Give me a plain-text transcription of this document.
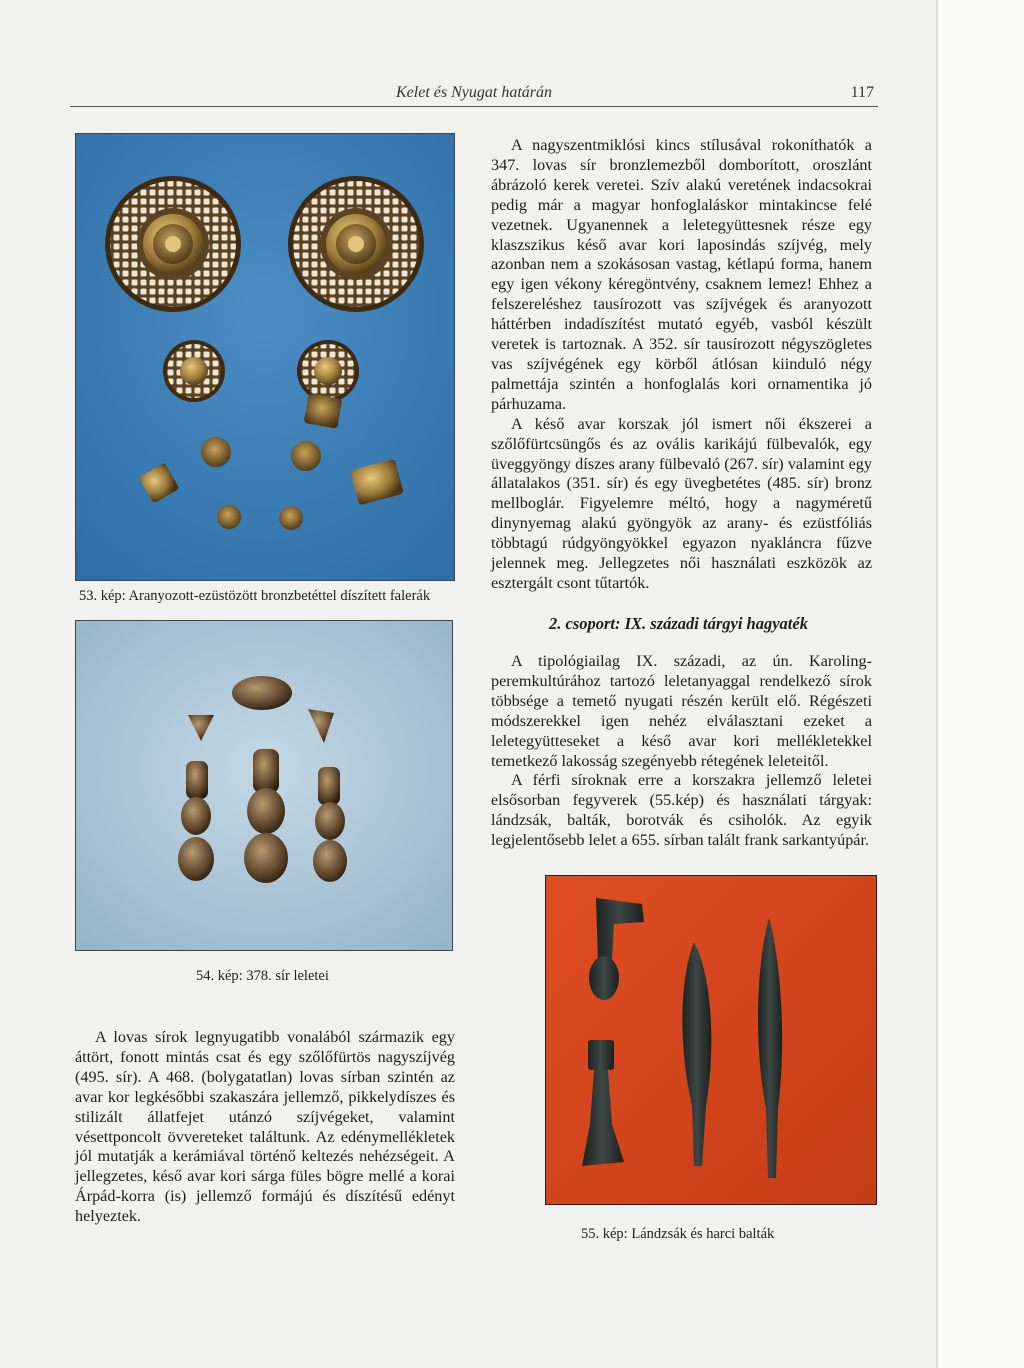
Kelet és Nyugat határán	117
53. kép: Aranyozott-ezüstözött bronzbetéttel díszített falerák
54. kép: 378. sír leletei
55. kép: Lándzsák és harci balták

A nagyszentmiklósi kincs stílusával rokoníthatók a 347. lovas sír bronzlemezből domborított, oroszlánt ábrázoló kerek veretei. Szív alakú veretének indacsokrai pedig már a magyar honfoglaláskor mintakincse felé vezetnek. Ugyanennek a leletegyüttesnek része egy klaszszikus késő avar kori laposindás szíjvég, mely azonban nem a szokásosan vastag, kétlapú forma, hanem egy igen vékony kéregöntvény, csaknem lemez! Ehhez a felszereléshez tausírozott vas szíjvégek és aranyozott háttérben indadíszítést mutató egyéb, vasból készült veretek is tartoznak. A 352. sír tausírozott négyszögletes vas szíjvégének egy körből átlósan kiinduló négy palmettája szintén a honfoglalás kori ornamentika jó párhuzama.

A késő avar korszak jól ismert női ékszerei a szőlőfürtcsüngős és az ovális karikájú fülbevalók, egy üveggyöngy díszes arany fülbevaló (267. sír) valamint egy állatalakos (351. sír) és egy üvegbetétes (485. sír) bronz mellboglár. Figyelemre méltó, hogy a nagyméretű dinynyemag alakú gyöngyök az arany- és ezüstfóliás többtagú rúdgyöngyökkel egyazon nyakláncra fűzve jelennek meg. Jellegzetes női használati eszközök az esztergált csont tűtartók.

2. csoport: IX. századi tárgyi hagyaték

A tipológiailag IX. századi, az ún. Karoling-peremkultúrához tartozó leletanyaggal rendelkező sírok többsége a temető nyugati részén került elő. Régészeti módszerekkel igen nehéz elválasztani ezeket a leletegyütteseket a késő avar kori mellékletekkel temetkező lakosság szegényebb rétegének leleteitől.

A férfi síroknak erre a korszakra jellemző leletei elsősorban fegyverek (55.kép) és használati tárgyak: lándzsák, balták, borotvák és csiholók. Az egyik legjelentősebb lelet a 655. sírban talált frank sarkantyúpár.

A lovas sírok legnyugatibb vonalából származik egy áttört, fonott mintás csat és egy szőlőfürtös nagyszíjvég (495. sír). A 468. (bolygatatlan) lovas sírban szintén az avar kor legkésőbbi szakaszára jellemző, pikkelydíszes és stilizált állatfejet utánzó szíjvégeket, valamint vésettponcolt övvereteket találtunk. Az edénymellékletek jól mutatják a kerámiával történő keltezés nehézségeit. A jellegzetes, késő avar kori sárga füles bögre mellé a korai Árpád-korra (is) jellemző formájú és díszítésű edényt helyeztek.
